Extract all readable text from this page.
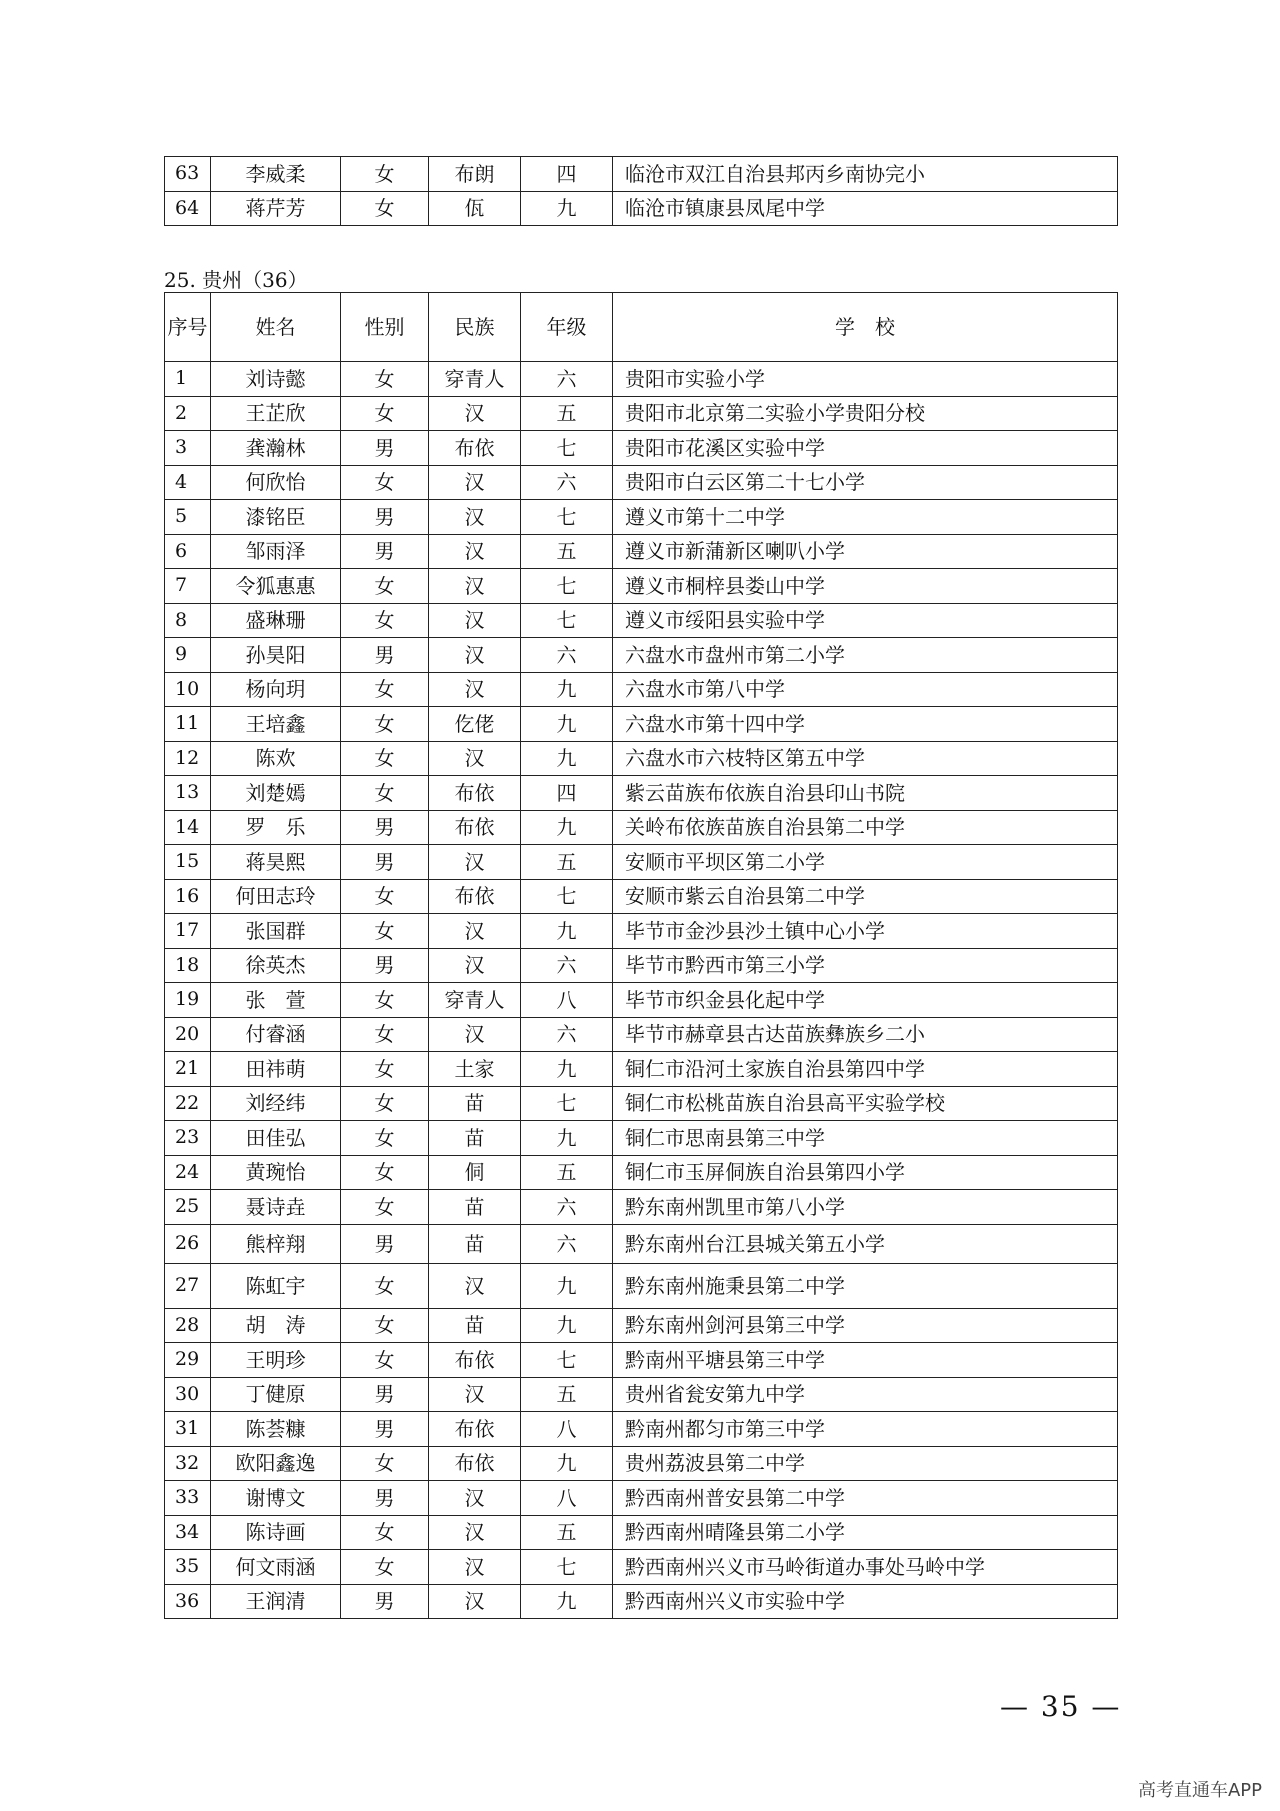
63	李威柔	女	布朗	四	临沧市双江自治县邦丙乡南协完小
64	蒋芹芳	女	佤	九	临沧市镇康县凤尾中学
25. 贵州（36）
序号	姓名	性别	民族	年级	学　校
1	刘诗懿	女	穿青人	六	贵阳市实验小学
2	王芷欣	女	汉	五	贵阳市北京第二实验小学贵阳分校
3	龚瀚林	男	布依	七	贵阳市花溪区实验中学
4	何欣怡	女	汉	六	贵阳市白云区第二十七小学
5	漆铭臣	男	汉	七	遵义市第十二中学
6	邹雨泽	男	汉	五	遵义市新蒲新区喇叭小学
7	令狐惠惠	女	汉	七	遵义市桐梓县娄山中学
8	盛琳珊	女	汉	七	遵义市绥阳县实验中学
9	孙昊阳	男	汉	六	六盘水市盘州市第二小学
10	杨向玥	女	汉	九	六盘水市第八中学
11	王培鑫	女	仡佬	九	六盘水市第十四中学
12	陈欢	女	汉	九	六盘水市六枝特区第五中学
13	刘楚嫣	女	布依	四	紫云苗族布依族自治县印山书院
14	罗　乐	男	布依	九	关岭布依族苗族自治县第二中学
15	蒋昊熙	男	汉	五	安顺市平坝区第二小学
16	何田志玲	女	布依	七	安顺市紫云自治县第二中学
17	张国群	女	汉	九	毕节市金沙县沙土镇中心小学
18	徐英杰	男	汉	六	毕节市黔西市第三小学
19	张　萱	女	穿青人	八	毕节市织金县化起中学
20	付睿涵	女	汉	六	毕节市赫章县古达苗族彝族乡二小
21	田祎萌	女	土家	九	铜仁市沿河土家族自治县第四中学
22	刘经纬	女	苗	七	铜仁市松桃苗族自治县高平实验学校
23	田佳弘	女	苗	九	铜仁市思南县第三中学
24	黄琬怡	女	侗	五	铜仁市玉屏侗族自治县第四小学
25	聂诗垚	女	苗	六	黔东南州凯里市第八小学
26	熊梓翔	男	苗	六	黔东南州台江县城关第五小学
27	陈虹宇	女	汉	九	黔东南州施秉县第二中学
28	胡　涛	女	苗	九	黔东南州剑河县第三中学
29	王明珍	女	布依	七	黔南州平塘县第三中学
30	丁健原	男	汉	五	贵州省瓮安第九中学
31	陈荟糠	男	布依	八	黔南州都匀市第三中学
32	欧阳鑫逸	女	布依	九	贵州荔波县第二中学
33	谢博文	男	汉	八	黔西南州普安县第二中学
34	陈诗画	女	汉	五	黔西南州晴隆县第二小学
35	何文雨涵	女	汉	七	黔西南州兴义市马岭街道办事处马岭中学
36	王润清	男	汉	九	黔西南州兴义市实验中学
— 35 —
高考直通车APP
